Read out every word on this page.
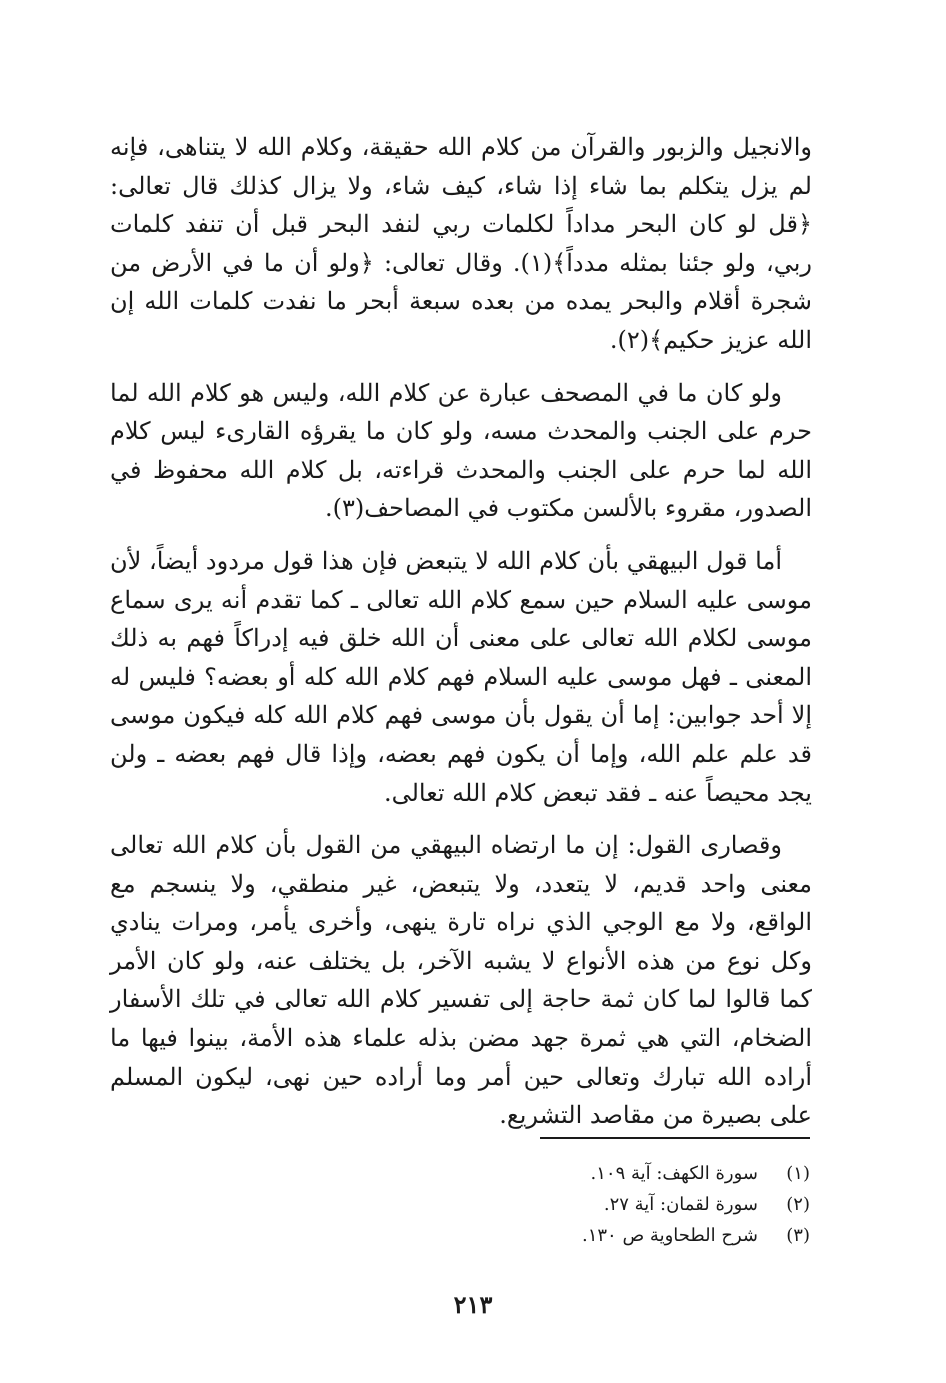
والانجيل والزبور والقرآن من كلام الله حقيقة، وكلام الله لا يتناهى، فإنه لم يزل يتكلم بما شاء إذا شاء، كيف شاء، ولا يزال كذلك قال تعالى: ﴿قل لو كان البحر مداداً لكلمات ربي لنفد البحر قبل أن تنفد كلمات ربي، ولو جئنا بمثله مدداً﴾(١). وقال تعالى: ﴿ولو أن ما في الأرض من شجرة أقلام والبحر يمده من بعده سبعة أبحر ما نفدت كلمات الله إن الله عزيز حكيم﴾(٢).

ولو كان ما في المصحف عبارة عن كلام الله، وليس هو كلام الله لما حرم على الجنب والمحدث مسه، ولو كان ما يقرؤه القارىء ليس كلام الله لما حرم على الجنب والمحدث قراءته، بل كلام الله محفوظ في الصدور، مقروء بالألسن مكتوب في المصاحف(٣).

أما قول البيهقي بأن كلام الله لا يتبعض فإن هذا قول مردود أيضاً، لأن موسى عليه السلام حين سمع كلام الله تعالى ـ كما تقدم أنه يرى سماع موسى لكلام الله تعالى على معنى أن الله خلق فيه إدراكاً فهم به ذلك المعنى ـ فهل موسى عليه السلام فهم كلام الله كله أو بعضه؟ فليس له إلا أحد جوابين: إما أن يقول بأن موسى فهم كلام الله كله فيكون موسى قد علم علم الله، وإما أن يكون فهم بعضه، وإذا قال فهم بعضه ـ ولن يجد محيصاً عنه ـ فقد تبعض كلام الله تعالى.

وقصارى القول: إن ما ارتضاه البيهقي من القول بأن كلام الله تعالى معنى واحد قديم، لا يتعدد، ولا يتبعض، غير منطقي، ولا ينسجم مع الواقع، ولا مع الوجي الذي نراه تارة ينهى، وأخرى يأمر، ومرات ينادي وكل نوع من هذه الأنواع لا يشبه الآخر، بل يختلف عنه، ولو كان الأمر كما قالوا لما كان ثمة حاجة إلى تفسير كلام الله تعالى في تلك الأسفار الضخام، التي هي ثمرة جهد مضن بذله علماء هذه الأمة، بينوا فيها ما أراده الله تبارك وتعالى حين أمر وما أراده حين نهى، ليكون المسلم على بصيرة من مقاصد التشريع.

(١)سورة الكهف: آية ١٠٩.

(٢)سورة لقمان: آية ٢٧.

(٣)شرح الطحاوية ص ١٣٠.

٢١٣
